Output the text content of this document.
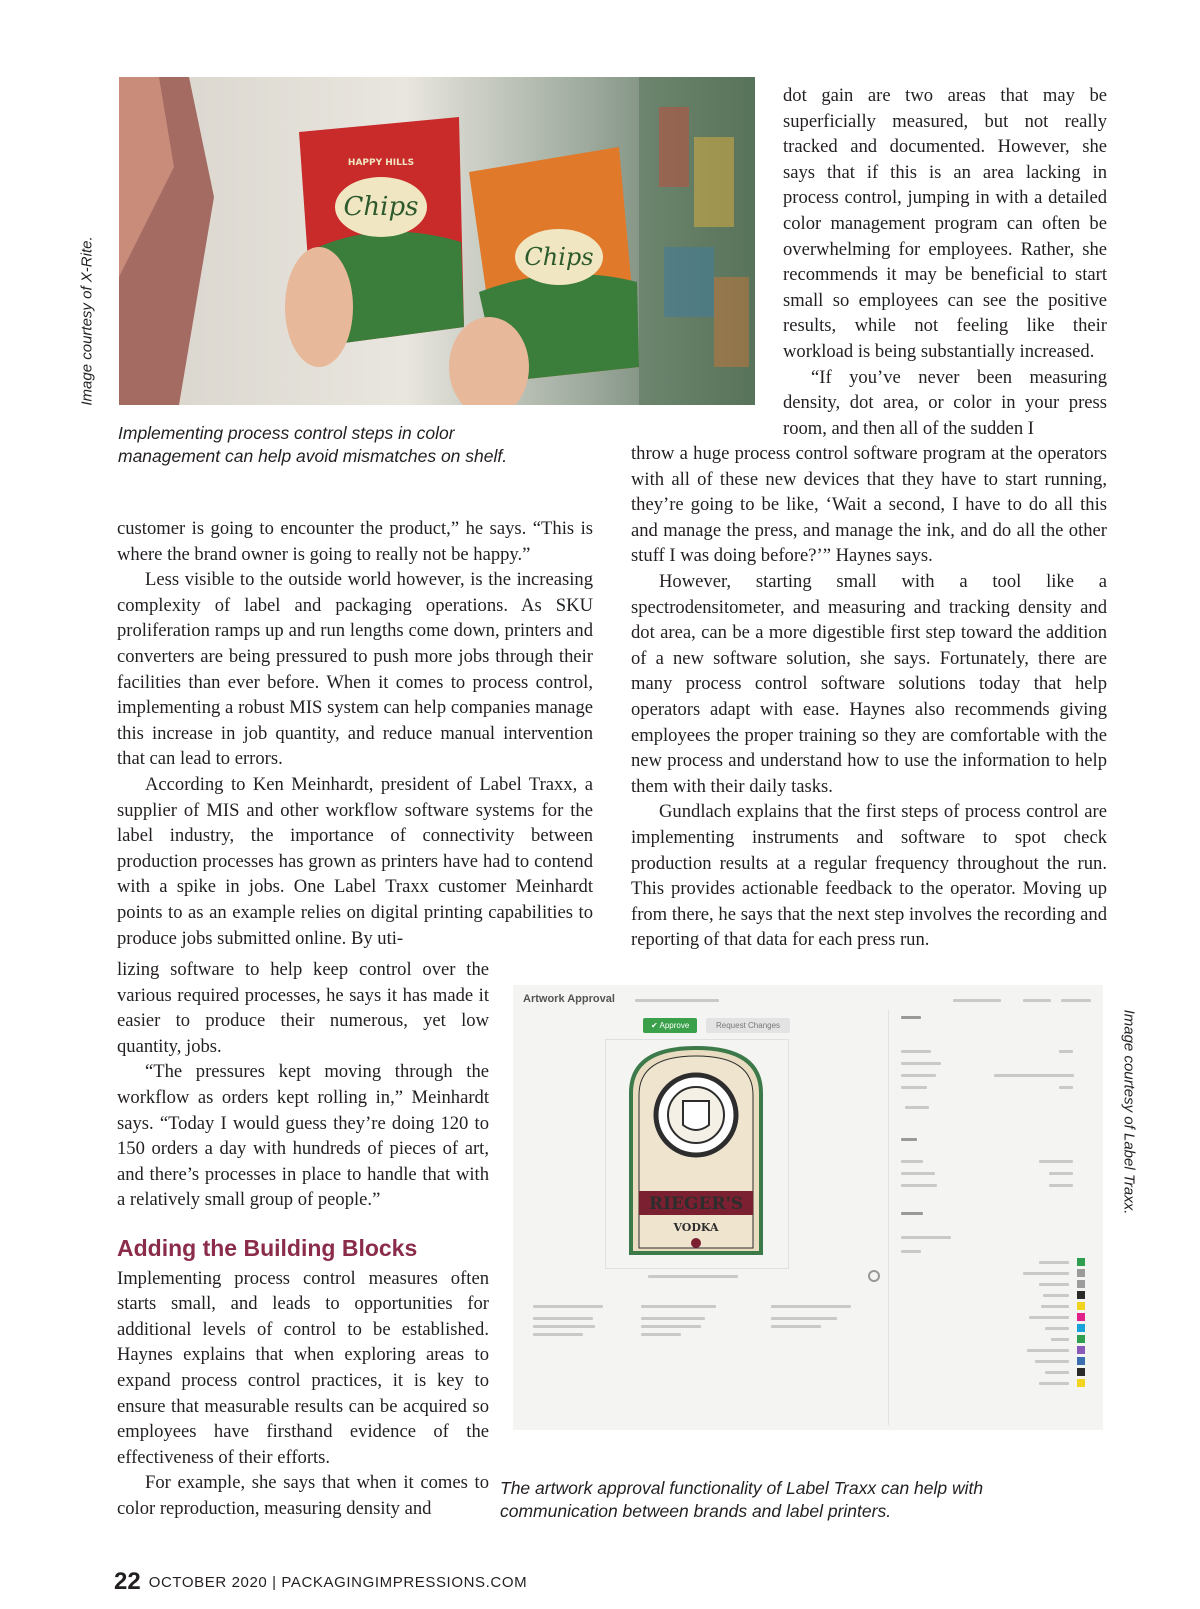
Chips
Chips
HAPPY HILLS
Image courtesy of X-Rite.
Implementing process control steps in color management can help avoid mismatches on shelf.

dot gain are two areas that may be superficially measured, but not really tracked and documented. However, she says that if this is an area lacking in process control, jumping in with a detailed color management program can often be overwhelming for employees. Rather, she recommends it may be beneficial to start small so employees can see the positive results, while not feeling like their workload is being substantially increased.

“If you’ve never been measuring density, dot area, or color in your press room, and then all of the sudden I

throw a huge process control software program at the operators with all of these new devices that they have to start running, they’re going to be like, ‘Wait a second, I have to do all this and manage the press, and manage the ink, and do all the other stuff I was doing before?’” Haynes says.

However, starting small with a tool like a spectrodensitometer, and measuring and tracking density and dot area, can be a more digestible first step toward the addition of a new software solution, she says. Fortunately, there are many process control software solutions today that help operators adapt with ease. Haynes also recommends giving employees the proper training so they are comfortable with the new process and understand how to use the information to help them with their daily tasks.

Gundlach explains that the first steps of process control are implementing instruments and software to spot check production results at a regular frequency throughout the run. This provides actionable feedback to the operator. Moving up from there, he says that the next step involves the recording and reporting of that data for each press run.

customer is going to encounter the product,” he says. “This is where the brand owner is going to really not be happy.”

Less visible to the outside world however, is the increasing complexity of label and packaging operations. As SKU proliferation ramps up and run lengths come down, printers and converters are being pressured to push more jobs through their facilities than ever before. When it comes to process control, implementing a robust MIS system can help companies manage this increase in job quantity, and reduce manual intervention that can lead to errors.

According to Ken Meinhardt, president of Label Traxx, a supplier of MIS and other workflow software systems for the label industry, the importance of connectivity between production processes has grown as printers have had to contend with a spike in jobs. One Label Traxx customer Meinhardt points to as an example relies on digital printing capabilities to produce jobs submitted online. By uti-

lizing software to help keep control over the various required processes, he says it has made it easier to produce their numerous, yet low quantity, jobs.

“The pressures kept moving through the workflow as orders kept rolling in,” Meinhardt says. “Today I would guess they’re doing 120 to 150 orders a day with hundreds of pieces of art, and there’s processes in place to handle that with a relatively small group of people.”

Adding the Building Blocks

Implementing process control measures often starts small, and leads to opportunities for additional levels of control to be established. Haynes explains that when exploring areas to expand process control practices, it is key to ensure that measurable results can be acquired so employees have firsthand evidence of the effectiveness of their efforts.

For example, she says that when it comes to color reproduction, measuring density and

Artwork Approval
✔ Approve	Request Changes
RIEGER'S
VODKA
Image courtesy of Label Traxx.
The artwork approval functionality of Label Traxx can help with communication between brands and label printers.
22 OCTOBER 2020 | PACKAGINGIMPRESSIONS.COM
